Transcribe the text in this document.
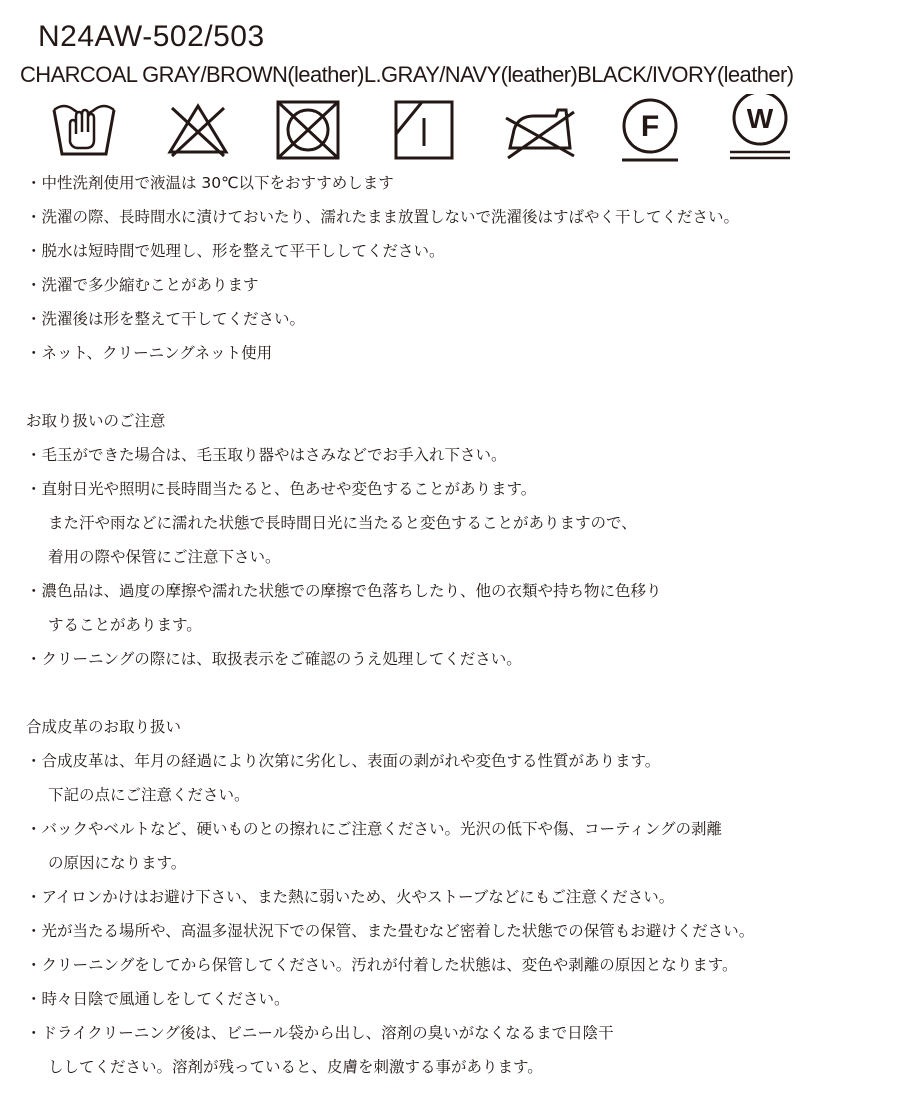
N24AW-502/503
CHARCOAL GRAY/BROWN(leather)L.GRAY/NAVY(leather)BLACK/IVORY(leather)
F	W
・中性洗剤使用で液温は 30℃以下をおすすめします
・洗濯の際、長時間水に漬けておいたり、濡れたまま放置しないで洗濯後はすばやく干してください。
・脱水は短時間で処理し、形を整えて平干ししてください。
・洗濯で多少縮むことがあります
・洗濯後は形を整えて干してください。
・ネット、クリーニングネット使用
お取り扱いのご注意
・毛玉ができた場合は、毛玉取り器やはさみなどでお手入れ下さい。
・直射日光や照明に長時間当たると、色あせや変色することがあります。
また汗や雨などに濡れた状態で長時間日光に当たると変色することがありますので、
着用の際や保管にご注意下さい。
・濃色品は、過度の摩擦や濡れた状態での摩擦で色落ちしたり、他の衣類や持ち物に色移り
することがあります。
・クリーニングの際には、取扱表示をご確認のうえ処理してください。
合成皮革のお取り扱い
・合成皮革は、年月の経過により次第に劣化し、表面の剥がれや変色する性質があります。
下記の点にご注意ください。
・バックやベルトなど、硬いものとの擦れにご注意ください。光沢の低下や傷、コーティングの剥離
の原因になります。
・アイロンかけはお避け下さい、また熱に弱いため、火やストーブなどにもご注意ください。
・光が当たる場所や、高温多湿状況下での保管、また畳むなど密着した状態での保管もお避けください。
・クリーニングをしてから保管してください。汚れが付着した状態は、変色や剥離の原因となります。
・時々日陰で風通しをしてください。
・ドライクリーニング後は、ビニール袋から出し、溶剤の臭いがなくなるまで日陰干
ししてください。溶剤が残っていると、皮膚を刺激する事があります。
